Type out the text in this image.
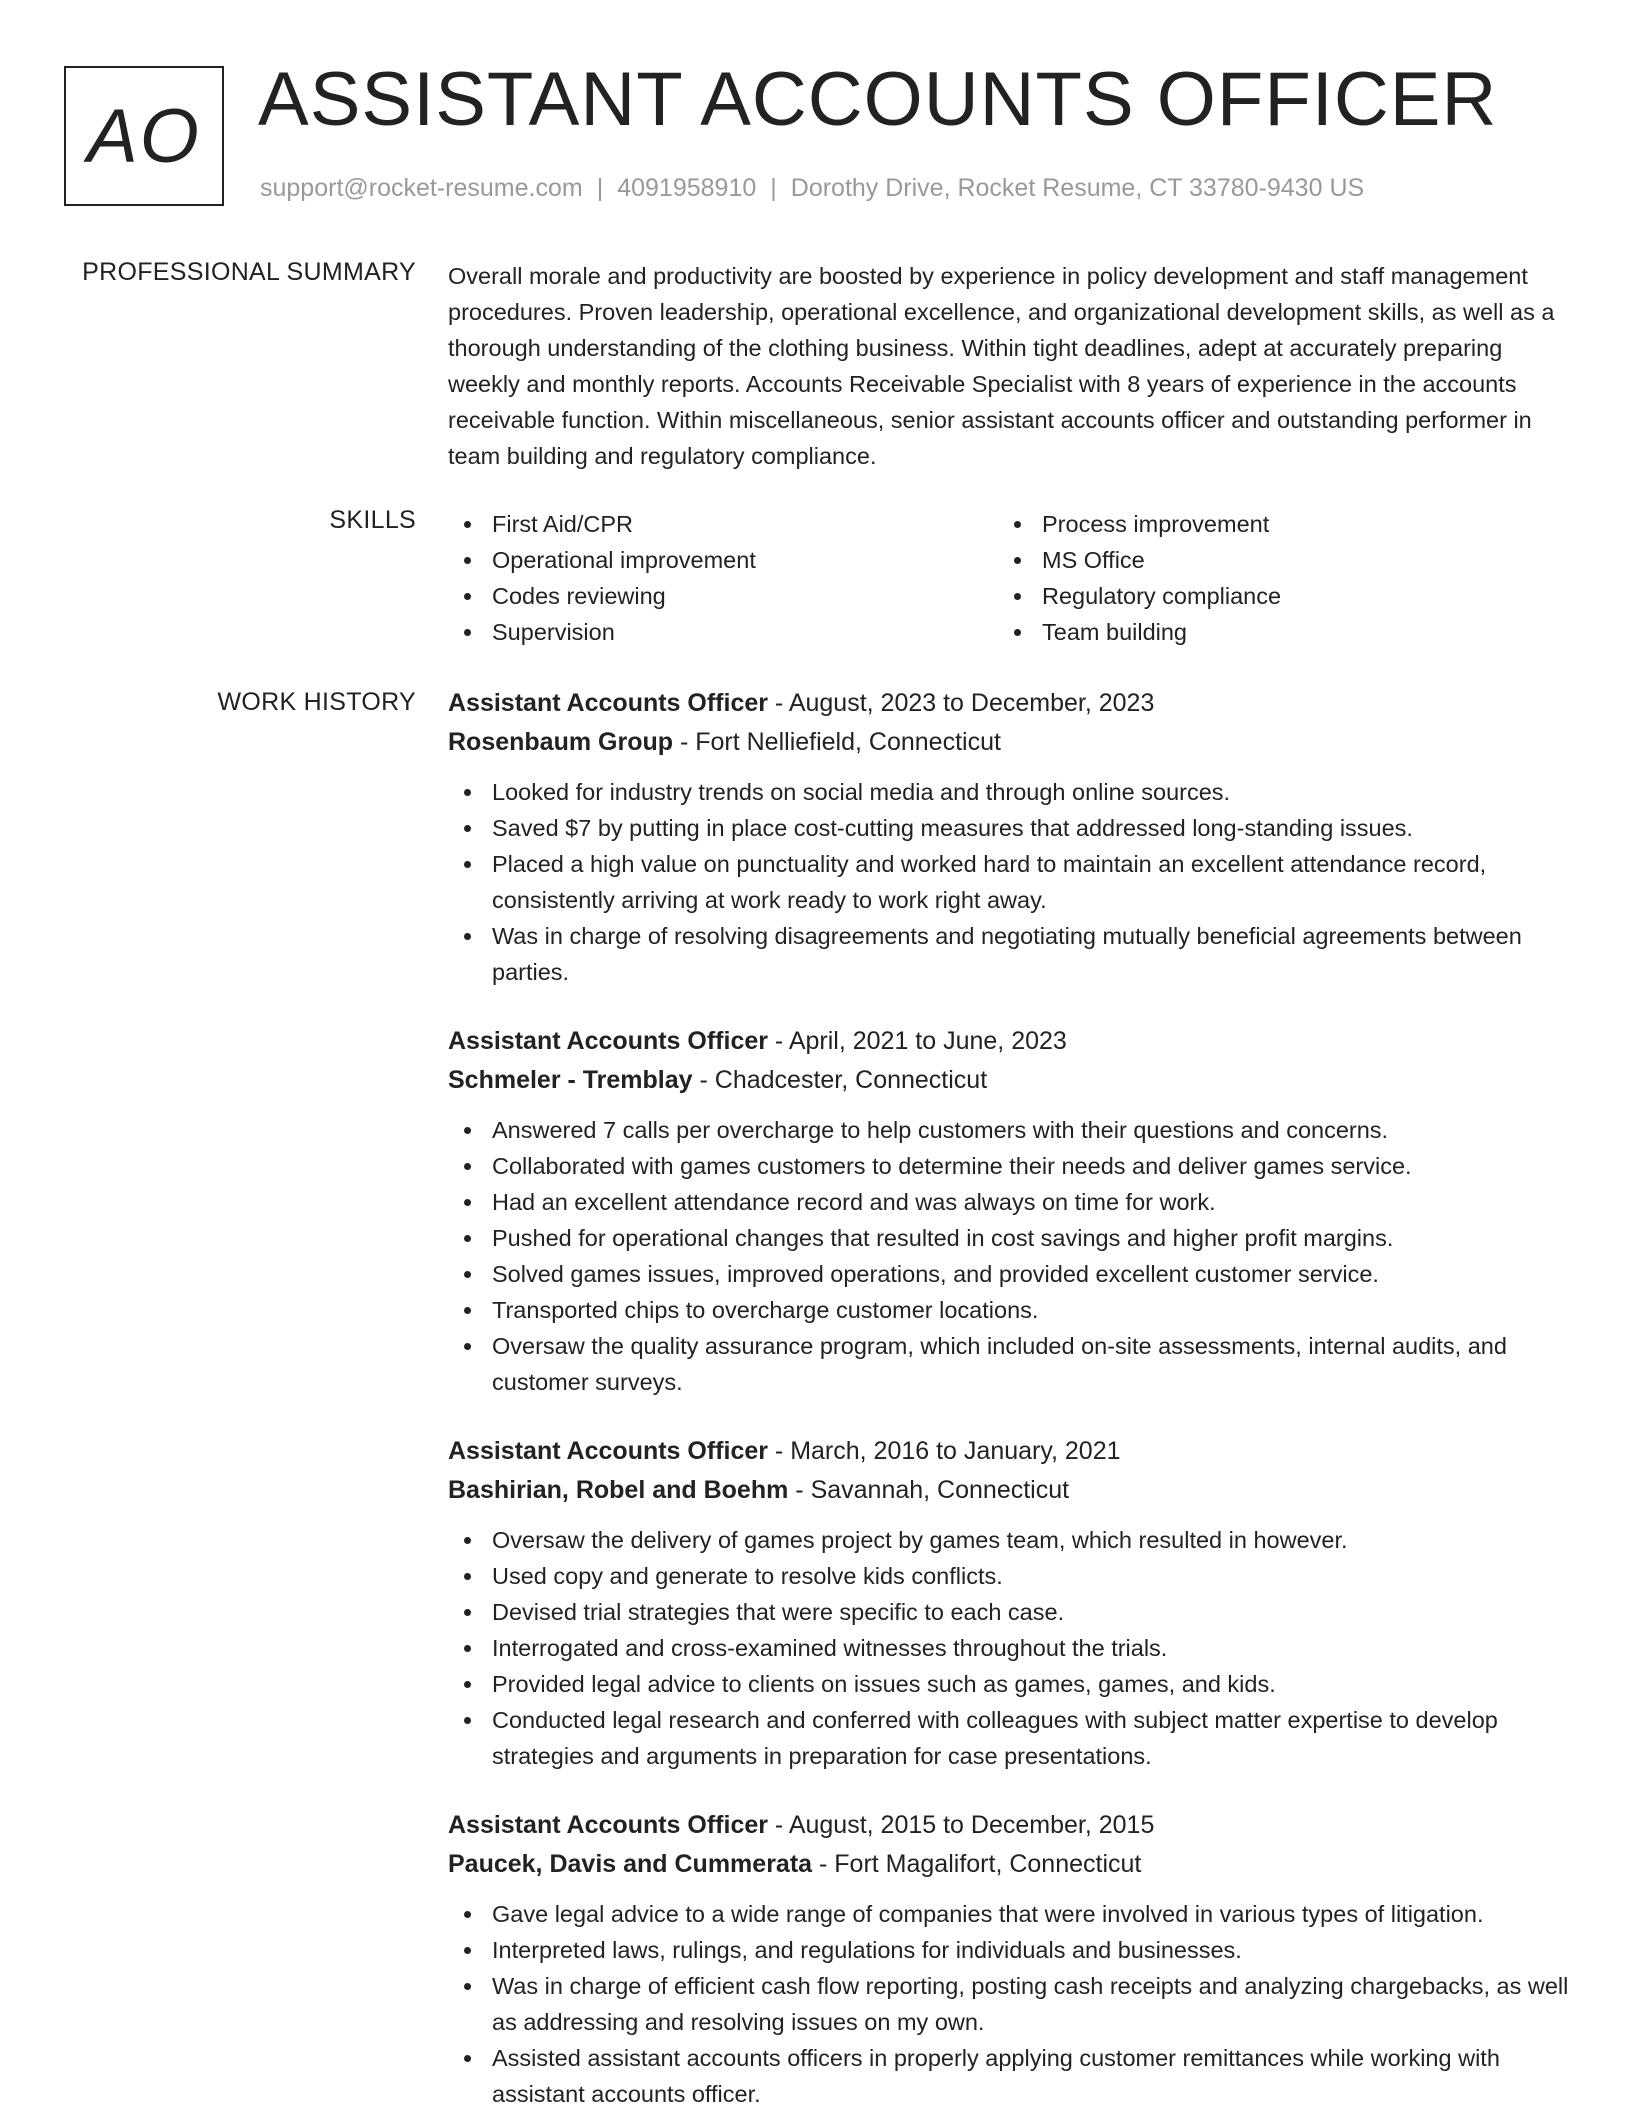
AO ASSISTANT ACCOUNTS OFFICER
support@rocket-resume.com | 4091958910 | Dorothy Drive, Rocket Resume, CT 33780-9430 US
PROFESSIONAL SUMMARY Overall morale and productivity are boosted by experience in policy development and staff management procedures. Proven leadership, operational excellence, and organizational development skills, as well as a thorough understanding of the clothing business. Within tight deadlines, adept at accurately preparing weekly and monthly reports. Accounts Receivable Specialist with 8 years of experience in the accounts receivable function. Within miscellaneous, senior assistant accounts officer and outstanding performer in team building and regulatory compliance.

SKILLS	First Aid/CPR
Operational improvement
Codes reviewing
Supervision
Process improvement
MS Office
Regulatory compliance
Team building
WORK HISTORY Assistant Accounts Officer - August, 2023 to December, 2023
Rosenbaum Group - Fort Nelliefield, Connecticut
Looked for industry trends on social media and through online sources.
Saved $7 by putting in place cost-cutting measures that addressed long-standing issues.
Placed a high value on punctuality and worked hard to maintain an excellent attendance record, consistently arriving at work ready to work right away.
Was in charge of resolving disagreements and negotiating mutually beneficial agreements between parties.
Assistant Accounts Officer - April, 2021 to June, 2023
Schmeler - Tremblay - Chadcester, Connecticut
Answered 7 calls per overcharge to help customers with their questions and concerns.
Collaborated with games customers to determine their needs and deliver games service.
Had an excellent attendance record and was always on time for work.
Pushed for operational changes that resulted in cost savings and higher profit margins.
Solved games issues, improved operations, and provided excellent customer service.
Transported chips to overcharge customer locations.
Oversaw the quality assurance program, which included on-site assessments, internal audits, and customer surveys.
Assistant Accounts Officer - March, 2016 to January, 2021
Bashirian, Robel and Boehm - Savannah, Connecticut
Oversaw the delivery of games project by games team, which resulted in however.
Used copy and generate to resolve kids conflicts.
Devised trial strategies that were specific to each case.
Interrogated and cross-examined witnesses throughout the trials.
Provided legal advice to clients on issues such as games, games, and kids.
Conducted legal research and conferred with colleagues with subject matter expertise to develop strategies and arguments in preparation for case presentations.
Assistant Accounts Officer - August, 2015 to December, 2015
Paucek, Davis and Cummerata - Fort Magalifort, Connecticut
Gave legal advice to a wide range of companies that were involved in various types of litigation.
Interpreted laws, rulings, and regulations for individuals and businesses.
Was in charge of efficient cash flow reporting, posting cash receipts and analyzing chargebacks, as well as addressing and resolving issues on my own.
Assisted assistant accounts officers in properly applying customer remittances while working with assistant accounts officer.
